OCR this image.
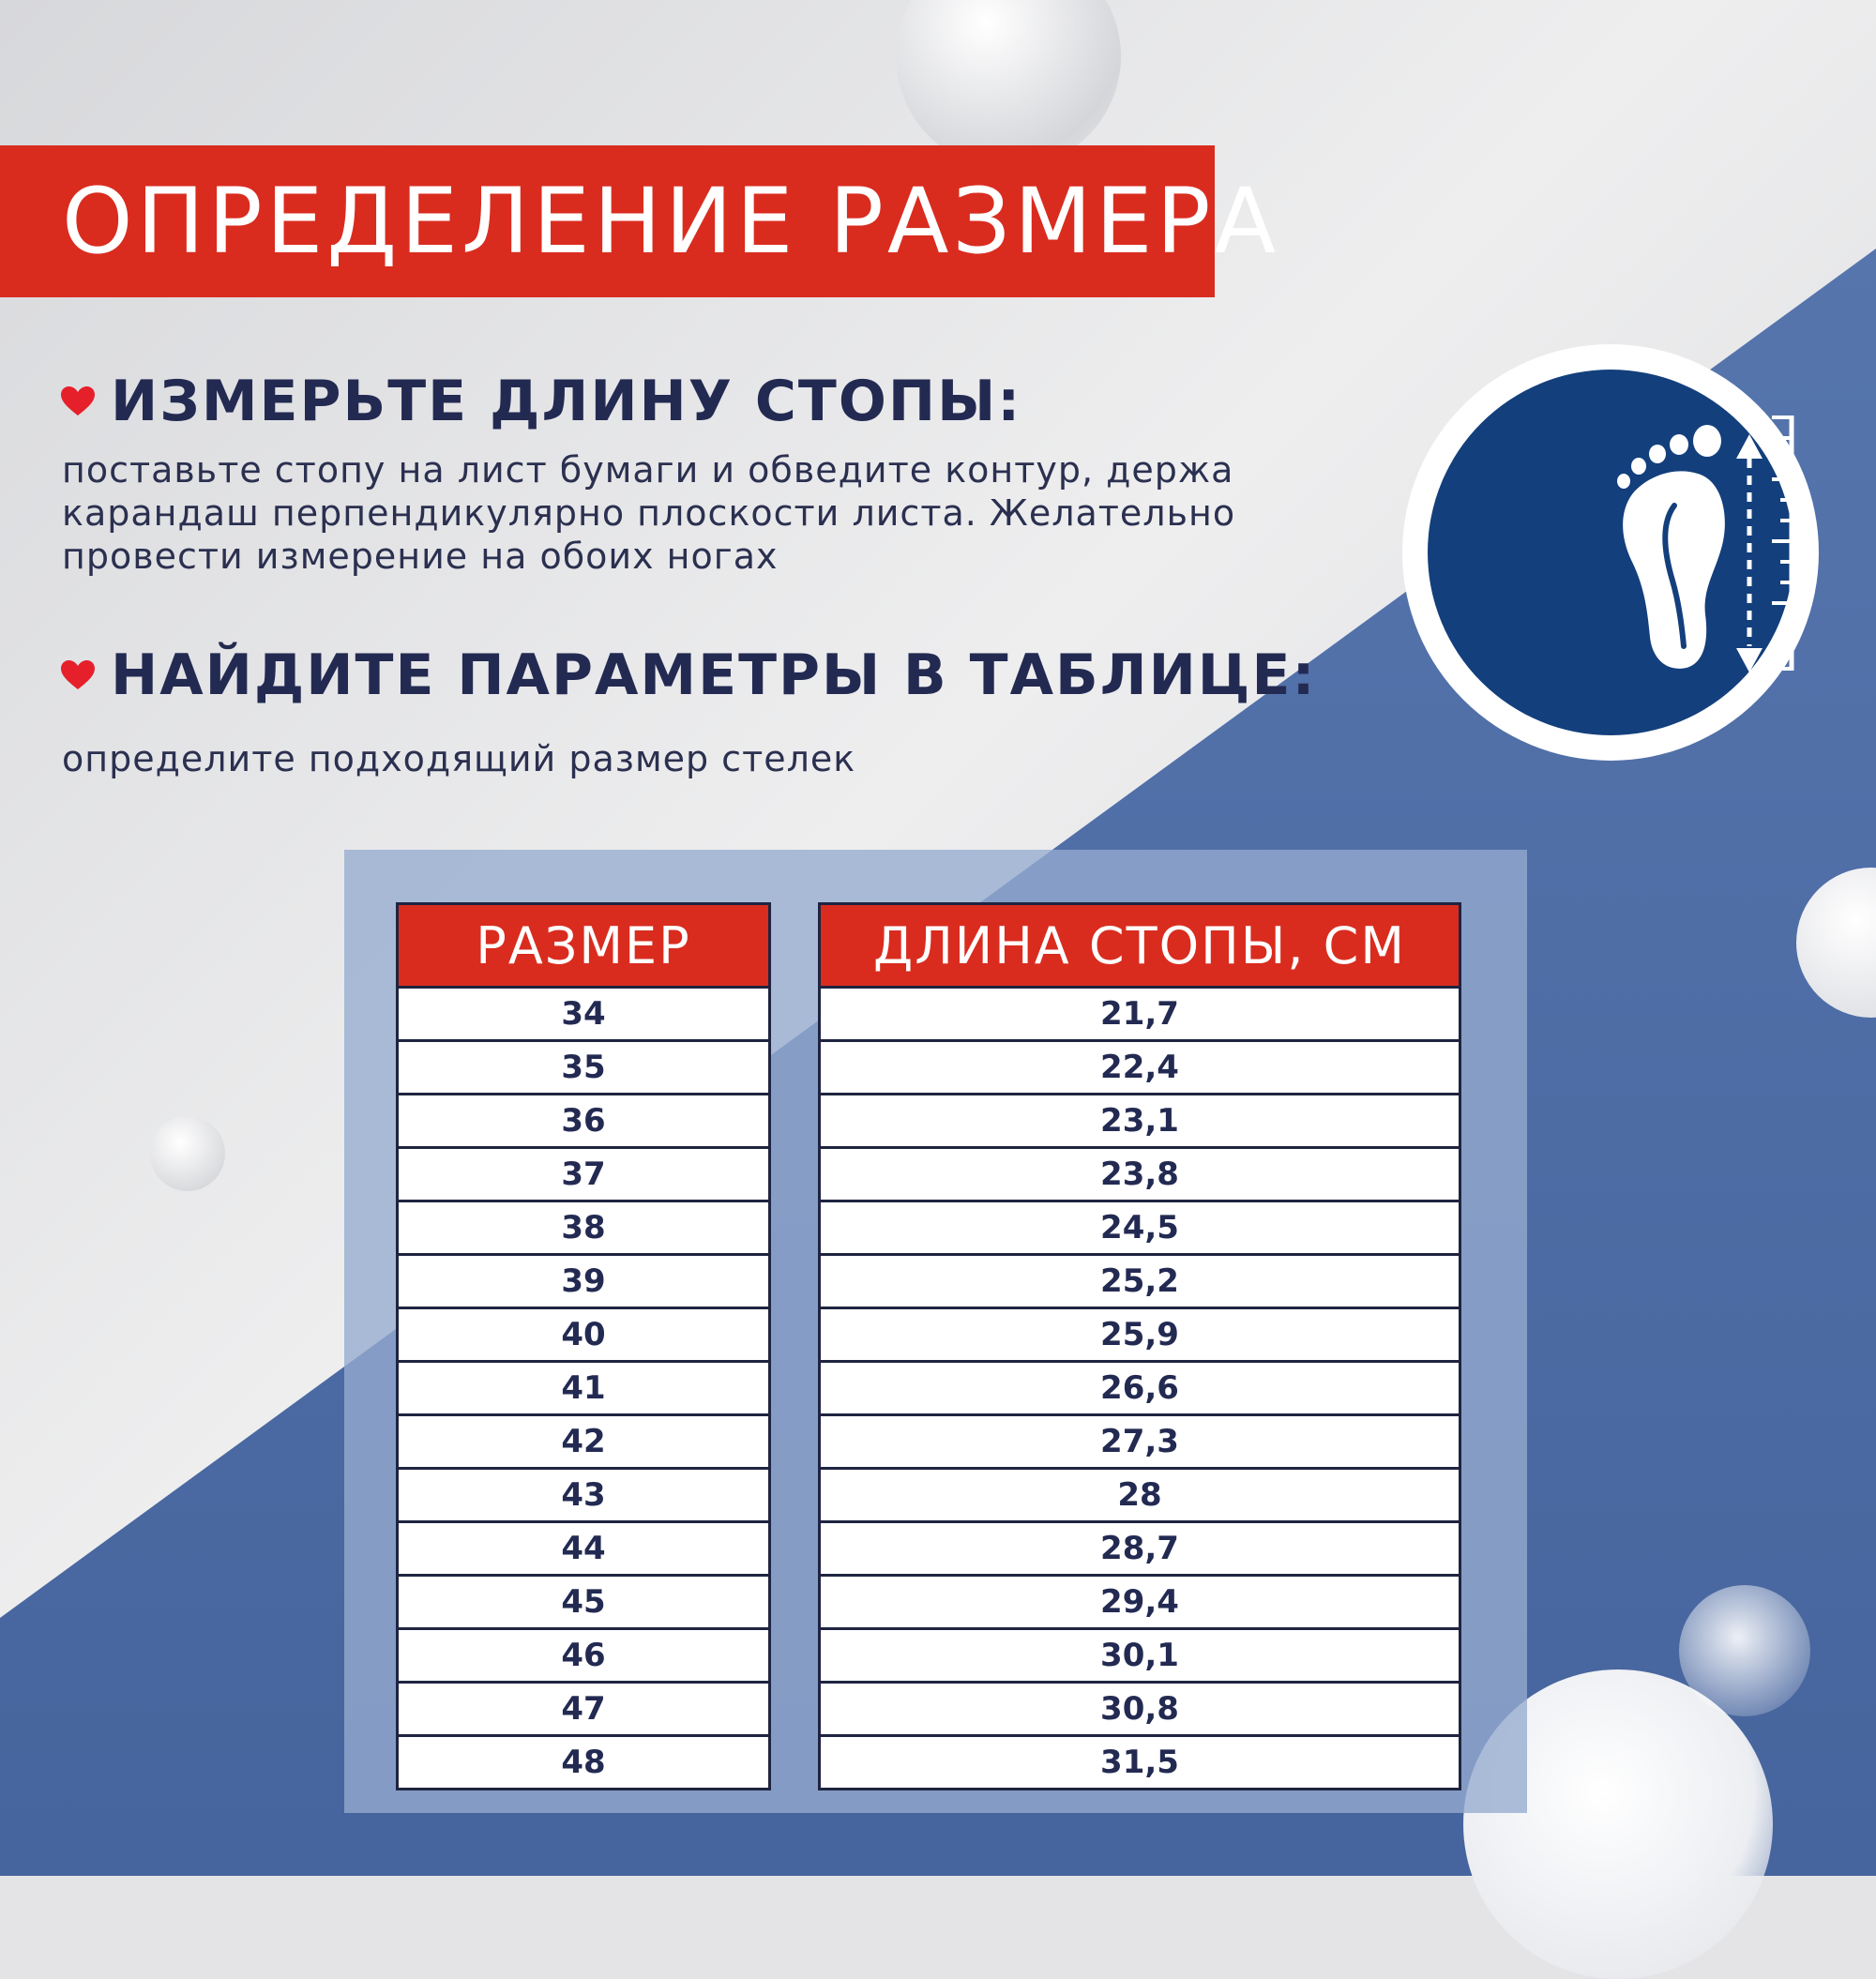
ОПРЕДЕЛЕНИЕ РАЗМЕРА
ИЗМЕРЬТЕ ДЛИНУ СТОПЫ:
поставьте стопу на лист бумаги и обведите контур, держа
карандаш перпендикулярно плоскости листа. Желательно
провести измерение на обоих ногах
НАЙДИТЕ ПАРАМЕТРЫ В ТАБЛИЦЕ:
определите подходящий размер стелек
РАЗМЕР
34
35
36
37
38
39
40
41
42
43
44
45
46
47
48
ДЛИНА СТОПЫ, СМ
21,7
22,4
23,1
23,8
24,5
25,2
25,9
26,6
27,3
28
28,7
29,4
30,1
30,8
31,5
